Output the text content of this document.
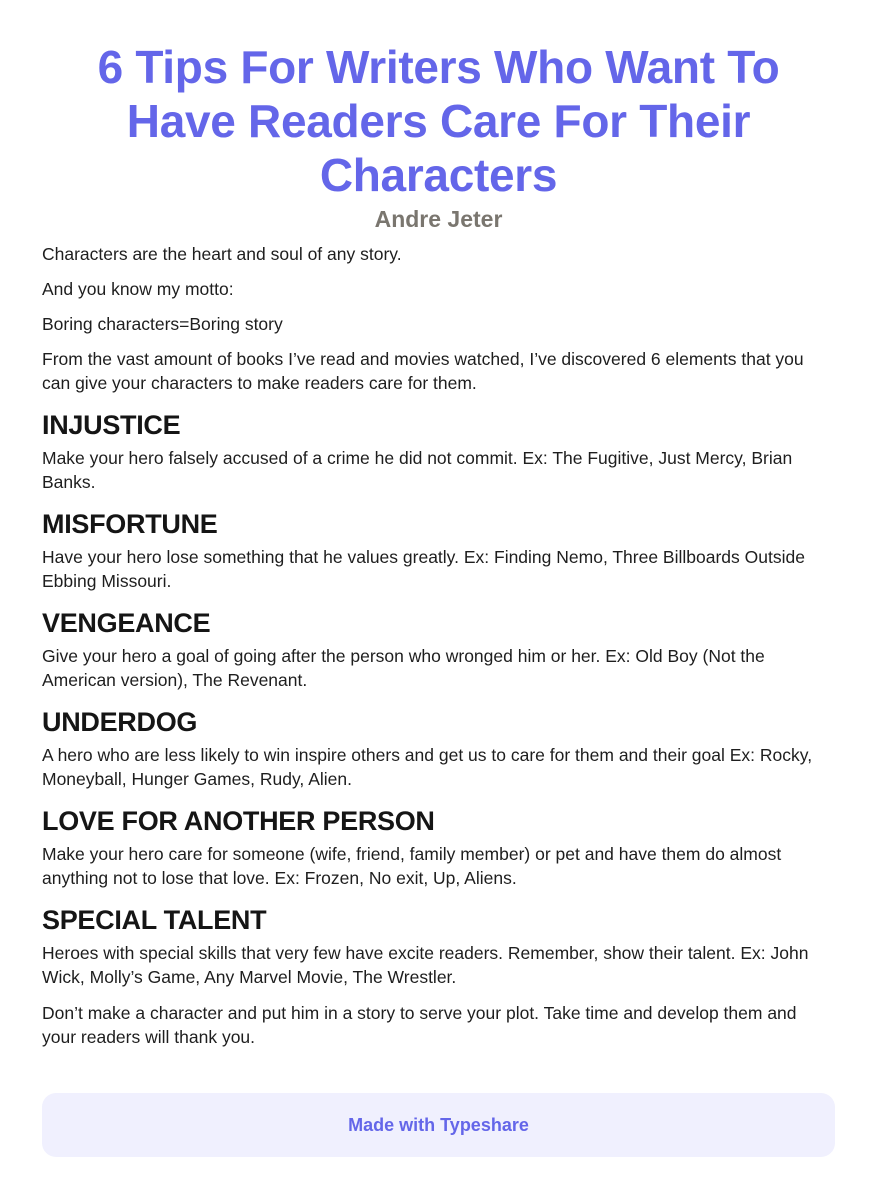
6 Tips For Writers Who Want To Have Readers Care For Their Characters
Andre Jeter

Characters are the heart and soul of any story.

And you know my motto:

Boring characters=Boring story

From the vast amount of books I’ve read and movies watched, I’ve discovered 6 elements that you can give your characters to make readers care for them.

INJUSTICE

Make your hero falsely accused of a crime he did not commit. Ex: The Fugitive, Just Mercy, Brian Banks.

MISFORTUNE

Have your hero lose something that he values greatly. Ex: Finding Nemo, Three Billboards Outside Ebbing Missouri.

VENGEANCE

Give your hero a goal of going after the person who wronged him or her. Ex: Old Boy (Not the American version), The Revenant.

UNDERDOG

A hero who are less likely to win inspire others and get us to care for them and their goal Ex: Rocky, Moneyball, Hunger Games, Rudy, Alien.

LOVE FOR ANOTHER PERSON

Make your hero care for someone (wife, friend, family member) or pet and have them do almost anything not to lose that love. Ex: Frozen, No exit, Up, Aliens.

SPECIAL TALENT

Heroes with special skills that very few have excite readers. Remember, show their talent. Ex: John Wick, Molly’s Game, Any Marvel Movie, The Wrestler.

Don’t make a character and put him in a story to serve your plot. Take time and develop them and your readers will thank you.

Made with Typeshare
